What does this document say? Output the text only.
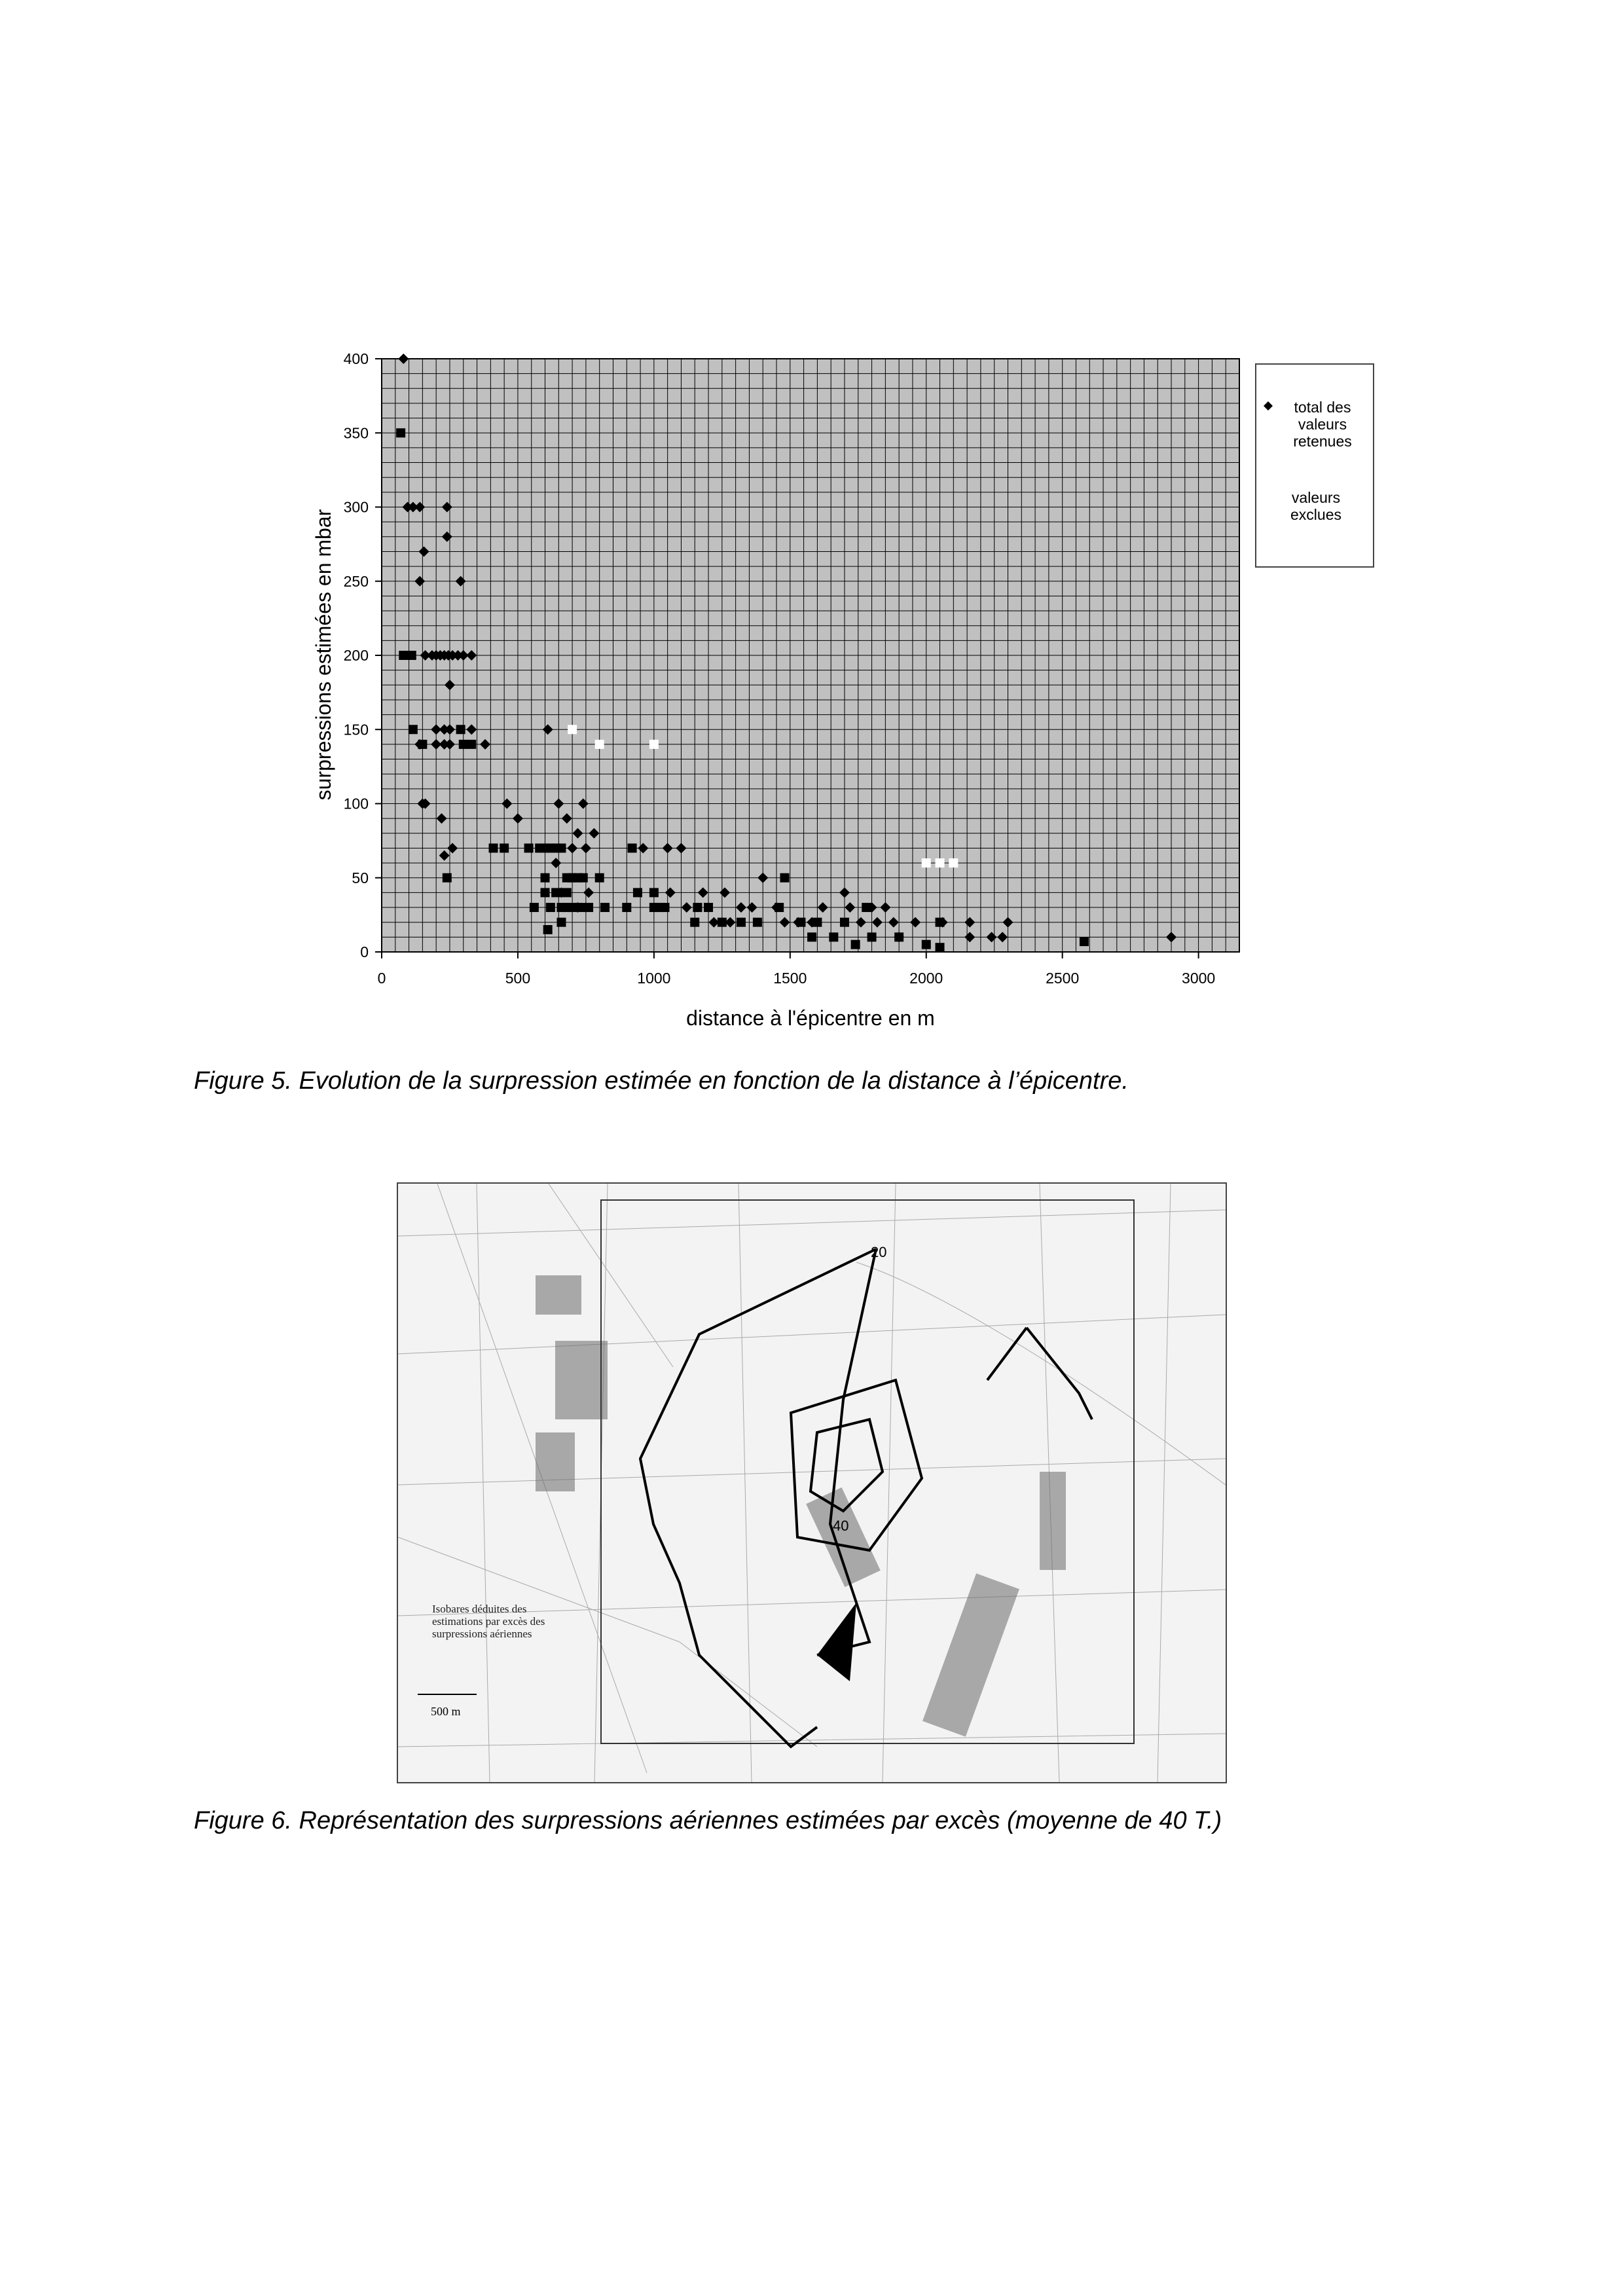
0
50
100
150
200
250
300
350
400
0	500	1000	1500	2000	2500	3000
surpressions estimées en mbar
distance à l'épicentre en m
total des valeurs retenues
valeurs exclues
Figure 5. Evolution de la surpression estimée en fonction de la distance à l’épicentre.
20
40
500 m
Isobares déduites des estimations par excès des surpressions aériennes
Figure 6. Représentation des surpressions aériennes estimées par excès (moyenne de 40 T.)
